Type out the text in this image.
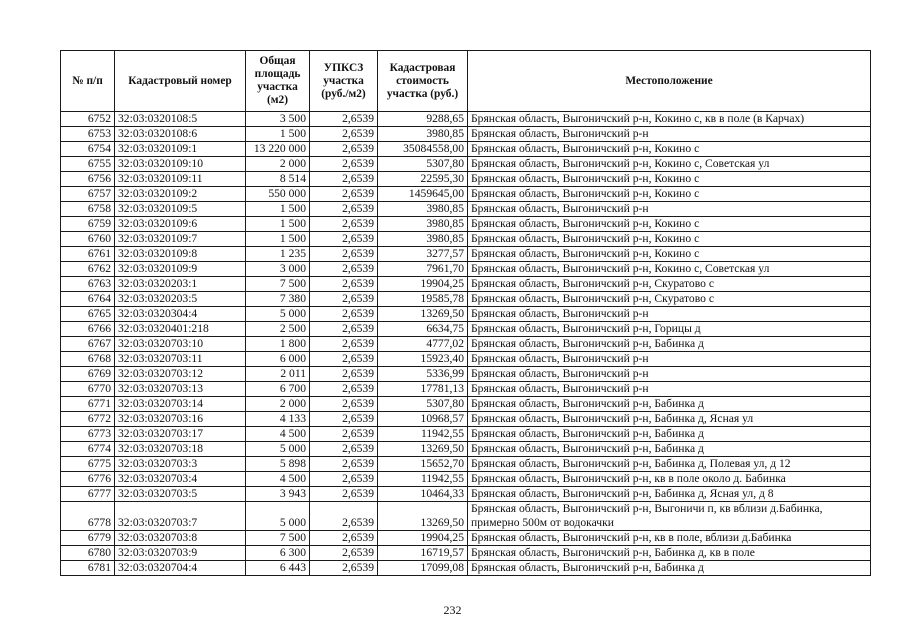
№ п/п	Кадастровый номер	Общая площадь участка (м2)	УПКСЗ участка (руб./м2)	Кадастровая стоимость участка (руб.)	Местоположение
6752	32:03:0320108:5	3 500	2,6539	9288,65	Брянская область, Выгоничский р-н, Кокино с, кв в поле (в Карчах)
6753	32:03:0320108:6	1 500	2,6539	3980,85	Брянская область, Выгоничский р-н
6754	32:03:0320109:1	13 220 000	2,6539	35084558,00	Брянская область, Выгоничский р-н, Кокино с
6755	32:03:0320109:10	2 000	2,6539	5307,80	Брянская область, Выгоничский р-н, Кокино с, Советская ул
6756	32:03:0320109:11	8 514	2,6539	22595,30	Брянская область, Выгоничский р-н, Кокино с
6757	32:03:0320109:2	550 000	2,6539	1459645,00	Брянская область, Выгоничский р-н, Кокино с
6758	32:03:0320109:5	1 500	2,6539	3980,85	Брянская область, Выгоничский р-н
6759	32:03:0320109:6	1 500	2,6539	3980,85	Брянская область, Выгоничский р-н, Кокино с
6760	32:03:0320109:7	1 500	2,6539	3980,85	Брянская область, Выгоничский р-н, Кокино с
6761	32:03:0320109:8	1 235	2,6539	3277,57	Брянская область, Выгоничский р-н, Кокино с
6762	32:03:0320109:9	3 000	2,6539	7961,70	Брянская область, Выгоничский р-н, Кокино с, Советская ул
6763	32:03:0320203:1	7 500	2,6539	19904,25	Брянская область, Выгоничский р-н, Скуратово с
6764	32:03:0320203:5	7 380	2,6539	19585,78	Брянская область, Выгоничский р-н, Скуратово с
6765	32:03:0320304:4	5 000	2,6539	13269,50	Брянская область, Выгоничский р-н
6766	32:03:0320401:218	2 500	2,6539	6634,75	Брянская область, Выгоничский р-н, Горицы д
6767	32:03:0320703:10	1 800	2,6539	4777,02	Брянская область, Выгоничский р-н, Бабинка д
6768	32:03:0320703:11	6 000	2,6539	15923,40	Брянская область, Выгоничский р-н
6769	32:03:0320703:12	2 011	2,6539	5336,99	Брянская область, Выгоничский р-н
6770	32:03:0320703:13	6 700	2,6539	17781,13	Брянская область, Выгоничский р-н
6771	32:03:0320703:14	2 000	2,6539	5307,80	Брянская область, Выгоничский р-н, Бабинка д
6772	32:03:0320703:16	4 133	2,6539	10968,57	Брянская область, Выгоничский р-н, Бабинка д, Ясная ул
6773	32:03:0320703:17	4 500	2,6539	11942,55	Брянская область, Выгоничский р-н, Бабинка д
6774	32:03:0320703:18	5 000	2,6539	13269,50	Брянская область, Выгоничский р-н, Бабинка д
6775	32:03:0320703:3	5 898	2,6539	15652,70	Брянская область, Выгоничский р-н, Бабинка д, Полевая ул, д 12
6776	32:03:0320703:4	4 500	2,6539	11942,55	Брянская область, Выгоничский р-н, кв в поле около д. Бабинка
6777	32:03:0320703:5	3 943	2,6539	10464,33	Брянская область, Выгоничский р-н, Бабинка д, Ясная ул, д 8
6778	32:03:0320703:7	5 000	2,6539	13269,50	Брянская область, Выгоничский р-н, Выгоничи п, кв вблизи д.Бабинка, примерно 500м от водокачки
6779	32:03:0320703:8	7 500	2,6539	19904,25	Брянская область, Выгоничский р-н, кв в поле, вблизи д.Бабинка
6780	32:03:0320703:9	6 300	2,6539	16719,57	Брянская область, Выгоничский р-н, Бабинка д, кв в поле
6781	32:03:0320704:4	6 443	2,6539	17099,08	Брянская область, Выгоничский р-н, Бабинка д
232
